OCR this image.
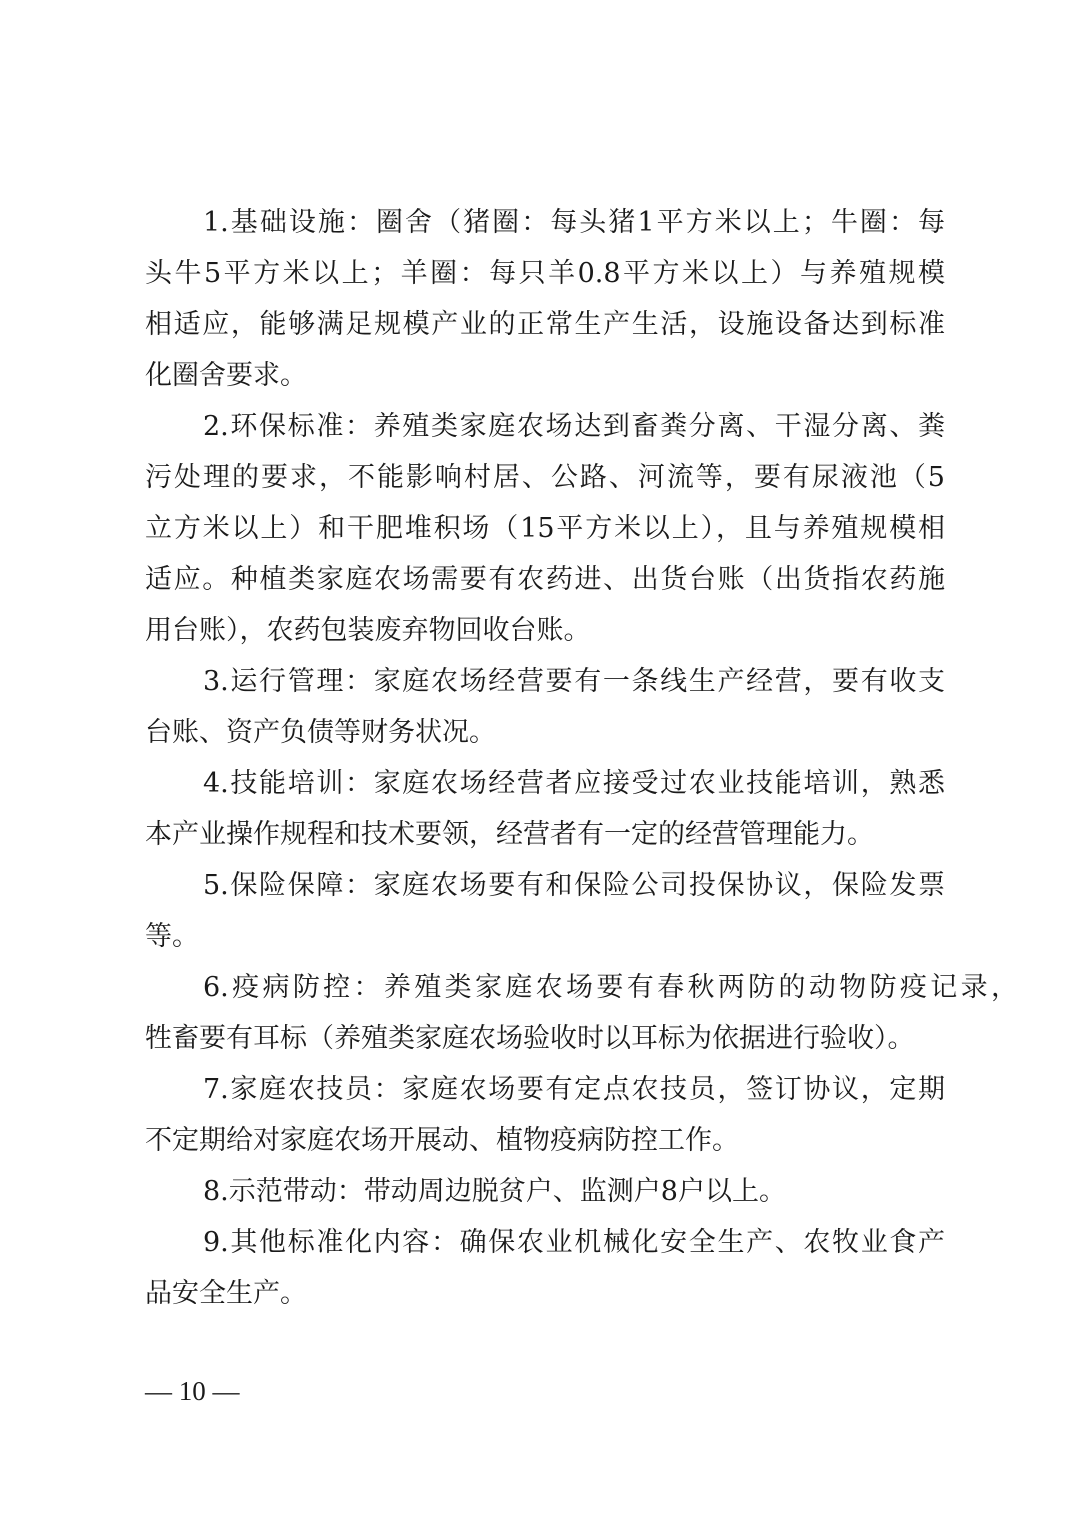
1.基础设施：圈舍（猪圈：每头猪1平方米以上；牛圈：每
头牛5平方米以上；羊圈：每只羊0.8平方米以上）与养殖规模
相适应，能够满足规模产业的正常生产生活，设施设备达到标准
化圈舍要求。
2.环保标准：养殖类家庭农场达到畜粪分离、干湿分离、粪
污处理的要求，不能影响村居、公路、河流等，要有尿液池（5
立方米以上）和干肥堆积场（15平方米以上），且与养殖规模相
适应。种植类家庭农场需要有农药进、出货台账（出货指农药施
用台账），农药包装废弃物回收台账。
3.运行管理：家庭农场经营要有一条线生产经营，要有收支
台账、资产负债等财务状况。
4.技能培训：家庭农场经营者应接受过农业技能培训，熟悉
本产业操作规程和技术要领，经营者有一定的经营管理能力。
5.保险保障：家庭农场要有和保险公司投保协议，保险发票
等。
6.疫病防控：养殖类家庭农场要有春秋两防的动物防疫记录，
牲畜要有耳标（养殖类家庭农场验收时以耳标为依据进行验收）。
7.家庭农技员：家庭农场要有定点农技员，签订协议，定期
不定期给对家庭农场开展动、植物疫病防控工作。
8.示范带动：带动周边脱贫户、监测户8户以上。
9.其他标准化内容：确保农业机械化安全生产、农牧业食产
品安全生产。
— 10 —
